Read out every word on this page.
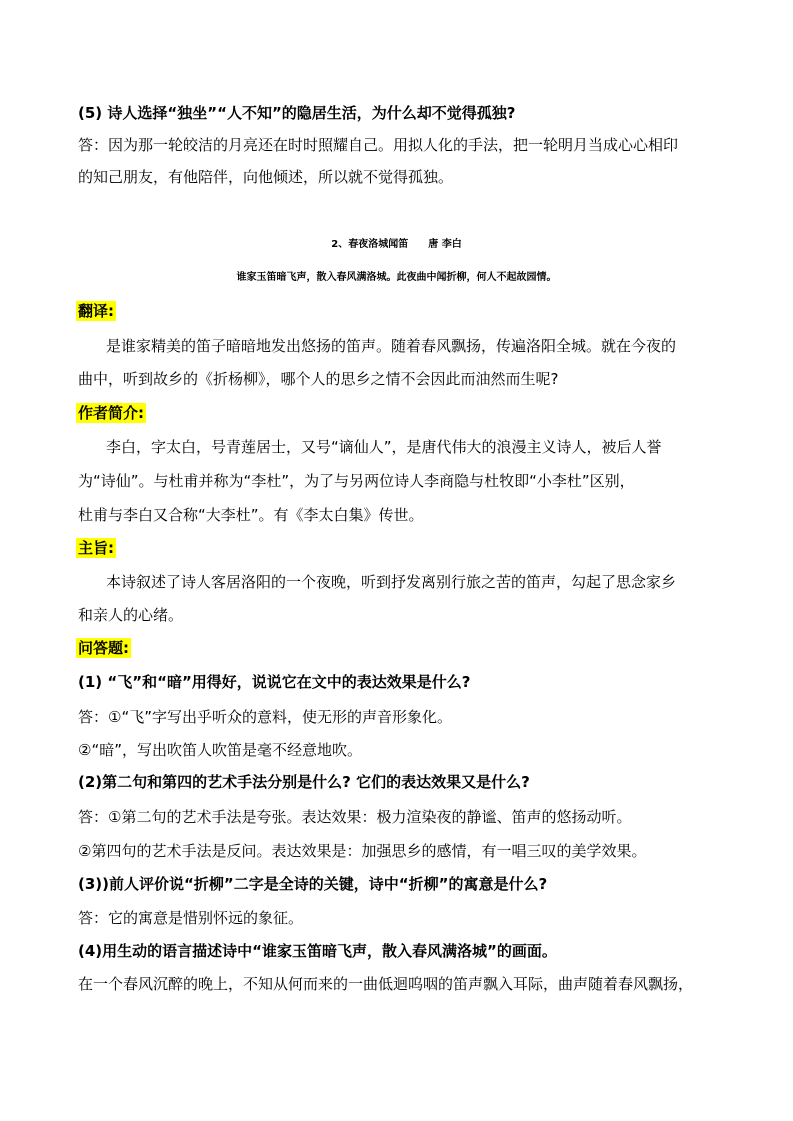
(5) 诗人选择“独坐”“人不知”的隐居生活，为什么却不觉得孤独?
答：因为那一轮皎洁的月亮还在时时照耀自己。用拟人化的手法，把一轮明月当成心心相印
的知己朋友，有他陪伴，向他倾述，所以就不觉得孤独。
2、春夜洛城闻笛　　唐 李白
谁家玉笛暗飞声，散入春风满洛城。此夜曲中闻折柳，何人不起故园情。
翻译:
是谁家精美的笛子暗暗地发出悠扬的笛声。随着春风飘扬，传遍洛阳全城。就在今夜的
曲中，听到故乡的《折杨柳》，哪个人的思乡之情不会因此而油然而生呢?
作者简介:
李白，字太白，号青莲居士，又号“谪仙人”，是唐代伟大的浪漫主义诗人，被后人誉
为“诗仙”。与杜甫并称为“李杜”，为了与另两位诗人李商隐与杜牧即“小李杜”区别，
杜甫与李白又合称“大李杜”。有《李太白集》传世。
主旨:
本诗叙述了诗人客居洛阳的一个夜晚，听到抒发离别行旅之苦的笛声，勾起了思念家乡
和亲人的心绪。
问答题:
(1) “飞”和“暗”用得好，说说它在文中的表达效果是什么?
答：①“飞”字写出乎听众的意料，使无形的声音形象化。
②“暗”，写出吹笛人吹笛是毫不经意地吹。
(2)第二句和第四的艺术手法分别是什么? 它们的表达效果又是什么?
答：①第二句的艺术手法是夸张。表达效果：极力渲染夜的静谧、笛声的悠扬动听。
②第四句的艺术手法是反问。表达效果是：加强思乡的感情，有一唱三叹的美学效果。
(3))前人评价说“折柳”二字是全诗的关键，诗中“折柳”的寓意是什么?
答：它的寓意是惜别怀远的象征。
(4)用生动的语言描述诗中“谁家玉笛暗飞声，散入春风满洛城”的画面。
在一个春风沉醉的晚上，不知从何而来的一曲低迴呜咽的笛声飘入耳际，曲声随着春风飘扬，
